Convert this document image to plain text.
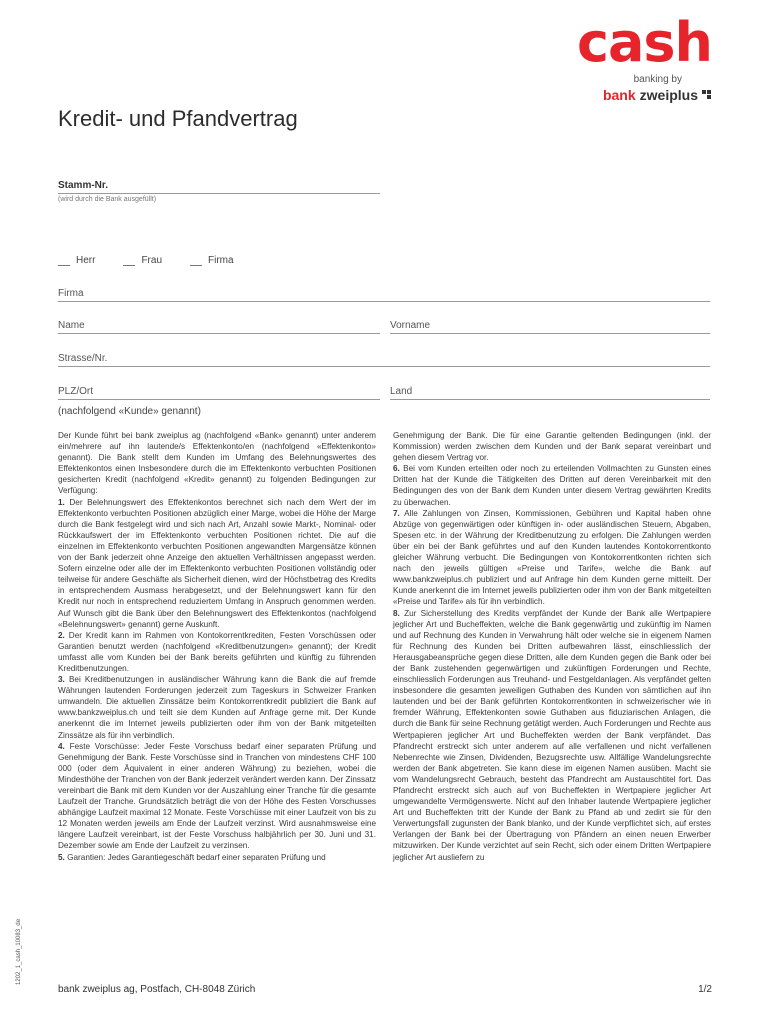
cash
banking by
bank zweiplus
Kredit- und Pfandvertrag
Stamm-Nr.
(wird durch die Bank ausgefüllt)
Herr	Frau	Firma
Firma
Name	Vorname
Strasse/Nr.
PLZ/Ort	Land
(nachfolgend «Kunde» genannt)

Der Kunde führt bei bank zweiplus ag (nachfolgend «Bank» genannt) unter anderem ein/mehrere auf ihn lautende/s Effektenkonto/en (nachfolgend «Effektenkonto» genannt). Die Bank stellt dem Kunden im Umfang des Belehnungswertes des Effektenkontos einen Insbesondere durch die im Effektenkonto verbuchten Positionen gesicherten Kredit (nachfolgend «Kredit» genannt) zu folgenden Bedingungen zur Verfügung:

1. Der Belehnungswert des Effektenkontos berechnet sich nach dem Wert der im Effektenkonto verbuchten Positionen abzüglich einer Marge, wobei die Höhe der Marge durch die Bank festgelegt wird und sich nach Art, Anzahl sowie Markt-, Nominal- oder Rückkaufswert der im Effektenkonto verbuchten Positionen richtet. Die auf die einzelnen im Effektenkonto verbuchten Positionen angewandten Margensätze können von der Bank jederzeit ohne Anzeige den aktuellen Verhältnissen angepasst werden. Sofern einzelne oder alle der im Effektenkonto verbuchten Positionen vollständig oder teilweise für andere Geschäfte als Sicherheit dienen, wird der Höchstbetrag des Kredits in entsprechendem Ausmass herabgesetzt, und der Belehnungswert kann für den Kredit nur noch in entsprechend reduziertem Umfang in Anspruch genommen werden. Auf Wunsch gibt die Bank über den Belehnungswert des Effektenkontos (nachfolgend «Belehnungswert» genannt) gerne Auskunft.

2. Der Kredit kann im Rahmen von Kontokorrentkrediten, Festen Vorschüssen oder Garantien benutzt werden (nachfolgend «Kreditbenutzungen» genannt); der Kredit umfasst alle vom Kunden bei der Bank bereits geführten und künftig zu führenden Kreditbenutzungen.

3. Bei Kreditbenutzungen in ausländischer Währung kann die Bank die auf fremde Währungen lautenden Forderungen jederzeit zum Tageskurs in Schweizer Franken umwandeln. Die aktuellen Zinssätze beim Kontokorrentkredit publiziert die Bank auf www.bankzweiplus.ch und teilt sie dem Kunden auf Anfrage gerne mit. Der Kunde anerkennt die im Internet jeweils publizierten oder ihm von der Bank mitgeteilten Zinssätze als für ihn verbindlich.

4. Feste Vorschüsse: Jeder Feste Vorschuss bedarf einer separaten Prüfung und Genehmigung der Bank. Feste Vorschüsse sind in Tranchen von mindestens CHF 100 000 (oder dem Äquivalent in einer anderen Währung) zu beziehen, wobei die Mindesthöhe der Tranchen von der Bank jederzeit verändert werden kann. Der Zinssatz vereinbart die Bank mit dem Kunden vor der Auszahlung einer Tranche für die gesamte Laufzeit der Tranche. Grundsätzlich beträgt die von der Höhe des Festen Vorschusses abhängige Laufzeit maximal 12 Monate. Feste Vorschüsse mit einer Laufzeit von bis zu 12 Monaten werden jeweils am Ende der Laufzeit verzinst. Wird ausnahmsweise eine längere Laufzeit vereinbart, ist der Feste Vorschuss halbjährlich per 30. Juni und 31. Dezember sowie am Ende der Laufzeit zu verzinsen.

5. Garantien: Jedes Garantiegeschäft bedarf einer separaten Prüfung und

Genehmigung der Bank. Die für eine Garantie geltenden Bedingungen (inkl. der Kommission) werden zwischen dem Kunden und der Bank separat vereinbart und gehen diesem Vertrag vor.

6. Bei vom Kunden erteilten oder noch zu erteilenden Vollmachten zu Gunsten eines Dritten hat der Kunde die Tätigkeiten des Dritten auf deren Vereinbarkeit mit den Bedingungen des von der Bank dem Kunden unter diesem Vertrag gewährten Kredits zu überwachen.

7. Alle Zahlungen von Zinsen, Kommissionen, Gebühren und Kapital haben ohne Abzüge von gegenwärtigen oder künftigen in- oder ausländischen Steuern, Abgaben, Spesen etc. in der Währung der Kreditbenutzung zu erfolgen. Die Zahlungen werden über ein bei der Bank geführtes und auf den Kunden lautendes Kontokorrentkonto gleicher Währung verbucht. Die Bedingungen von Kontokorrentkonten richten sich nach den jeweils gültigen «Preise und Tarife», welche die Bank auf www.bankzweiplus.ch publiziert und auf Anfrage hin dem Kunden gerne mitteilt. Der Kunde anerkennt die im Internet jeweils publizierten oder ihm von der Bank mitgeteilten «Preise und Tarife» als für ihn verbindlich.

8. Zur Sicherstellung des Kredits verpfändet der Kunde der Bank alle Wertpapiere jeglicher Art und Bucheffekten, welche die Bank gegenwärtig und zukünftig im Namen und auf Rechnung des Kunden in Verwahrung hält oder welche sie in eigenem Namen für Rechnung des Kunden bei Dritten aufbewahren lässt, einschliesslich der Herausgabeansprüche gegen diese Dritten, alle dem Kunden gegen die Bank oder bei der Bank zustehenden gegenwärtigen und zukünftigen Forderungen und Rechte, einschliesslich Forderungen aus Treuhand- und Festgeldanlagen. Als verpfändet gelten insbesondere die gesamten jeweiligen Guthaben des Kunden von sämtlichen auf ihn lautenden und bei der Bank geführten Kontokorrentkonten in schweizerischer wie in fremder Währung, Effektenkonten sowie Guthaben aus fiduziarischen Anlagen, die durch die Bank für seine Rechnung getätigt werden. Auch Forderungen und Rechte aus Wertpapieren jeglicher Art und Bucheffekten werden der Bank verpfändet. Das Pfandrecht erstreckt sich unter anderem auf alle verfallenen und nicht verfallenen Nebenrechte wie Zinsen, Dividenden, Bezugsrechte usw. Allfällige Wandelungsrechte werden der Bank abgetreten. Sie kann diese im eigenen Namen ausüben. Macht sie vom Wandelungsrecht Gebrauch, besteht das Pfandrecht am Austauschtitel fort. Das Pfandrecht erstreckt sich auch auf von Bucheffekten in Wertpapiere jeglicher Art umgewandelte Vermögenswerte. Nicht auf den Inhaber lautende Wertpapiere jeglicher Art und Bucheffekten tritt der Kunde der Bank zu Pfand ab und zedirt sie für den Verwertungsfall zugunsten der Bank blanko, und der Kunde verpflichtet sich, auf erstes Verlangen der Bank bei der Übertragung von Pfändern an einen neuen Erwerber mitzuwirken. Der Kunde verzichtet auf sein Recht, sich oder einem Dritten Wertpapiere jeglicher Art ausliefern zu

1202_1_cash_10083_de
bank zweiplus ag, Postfach, CH-8048 Zürich	1/2
